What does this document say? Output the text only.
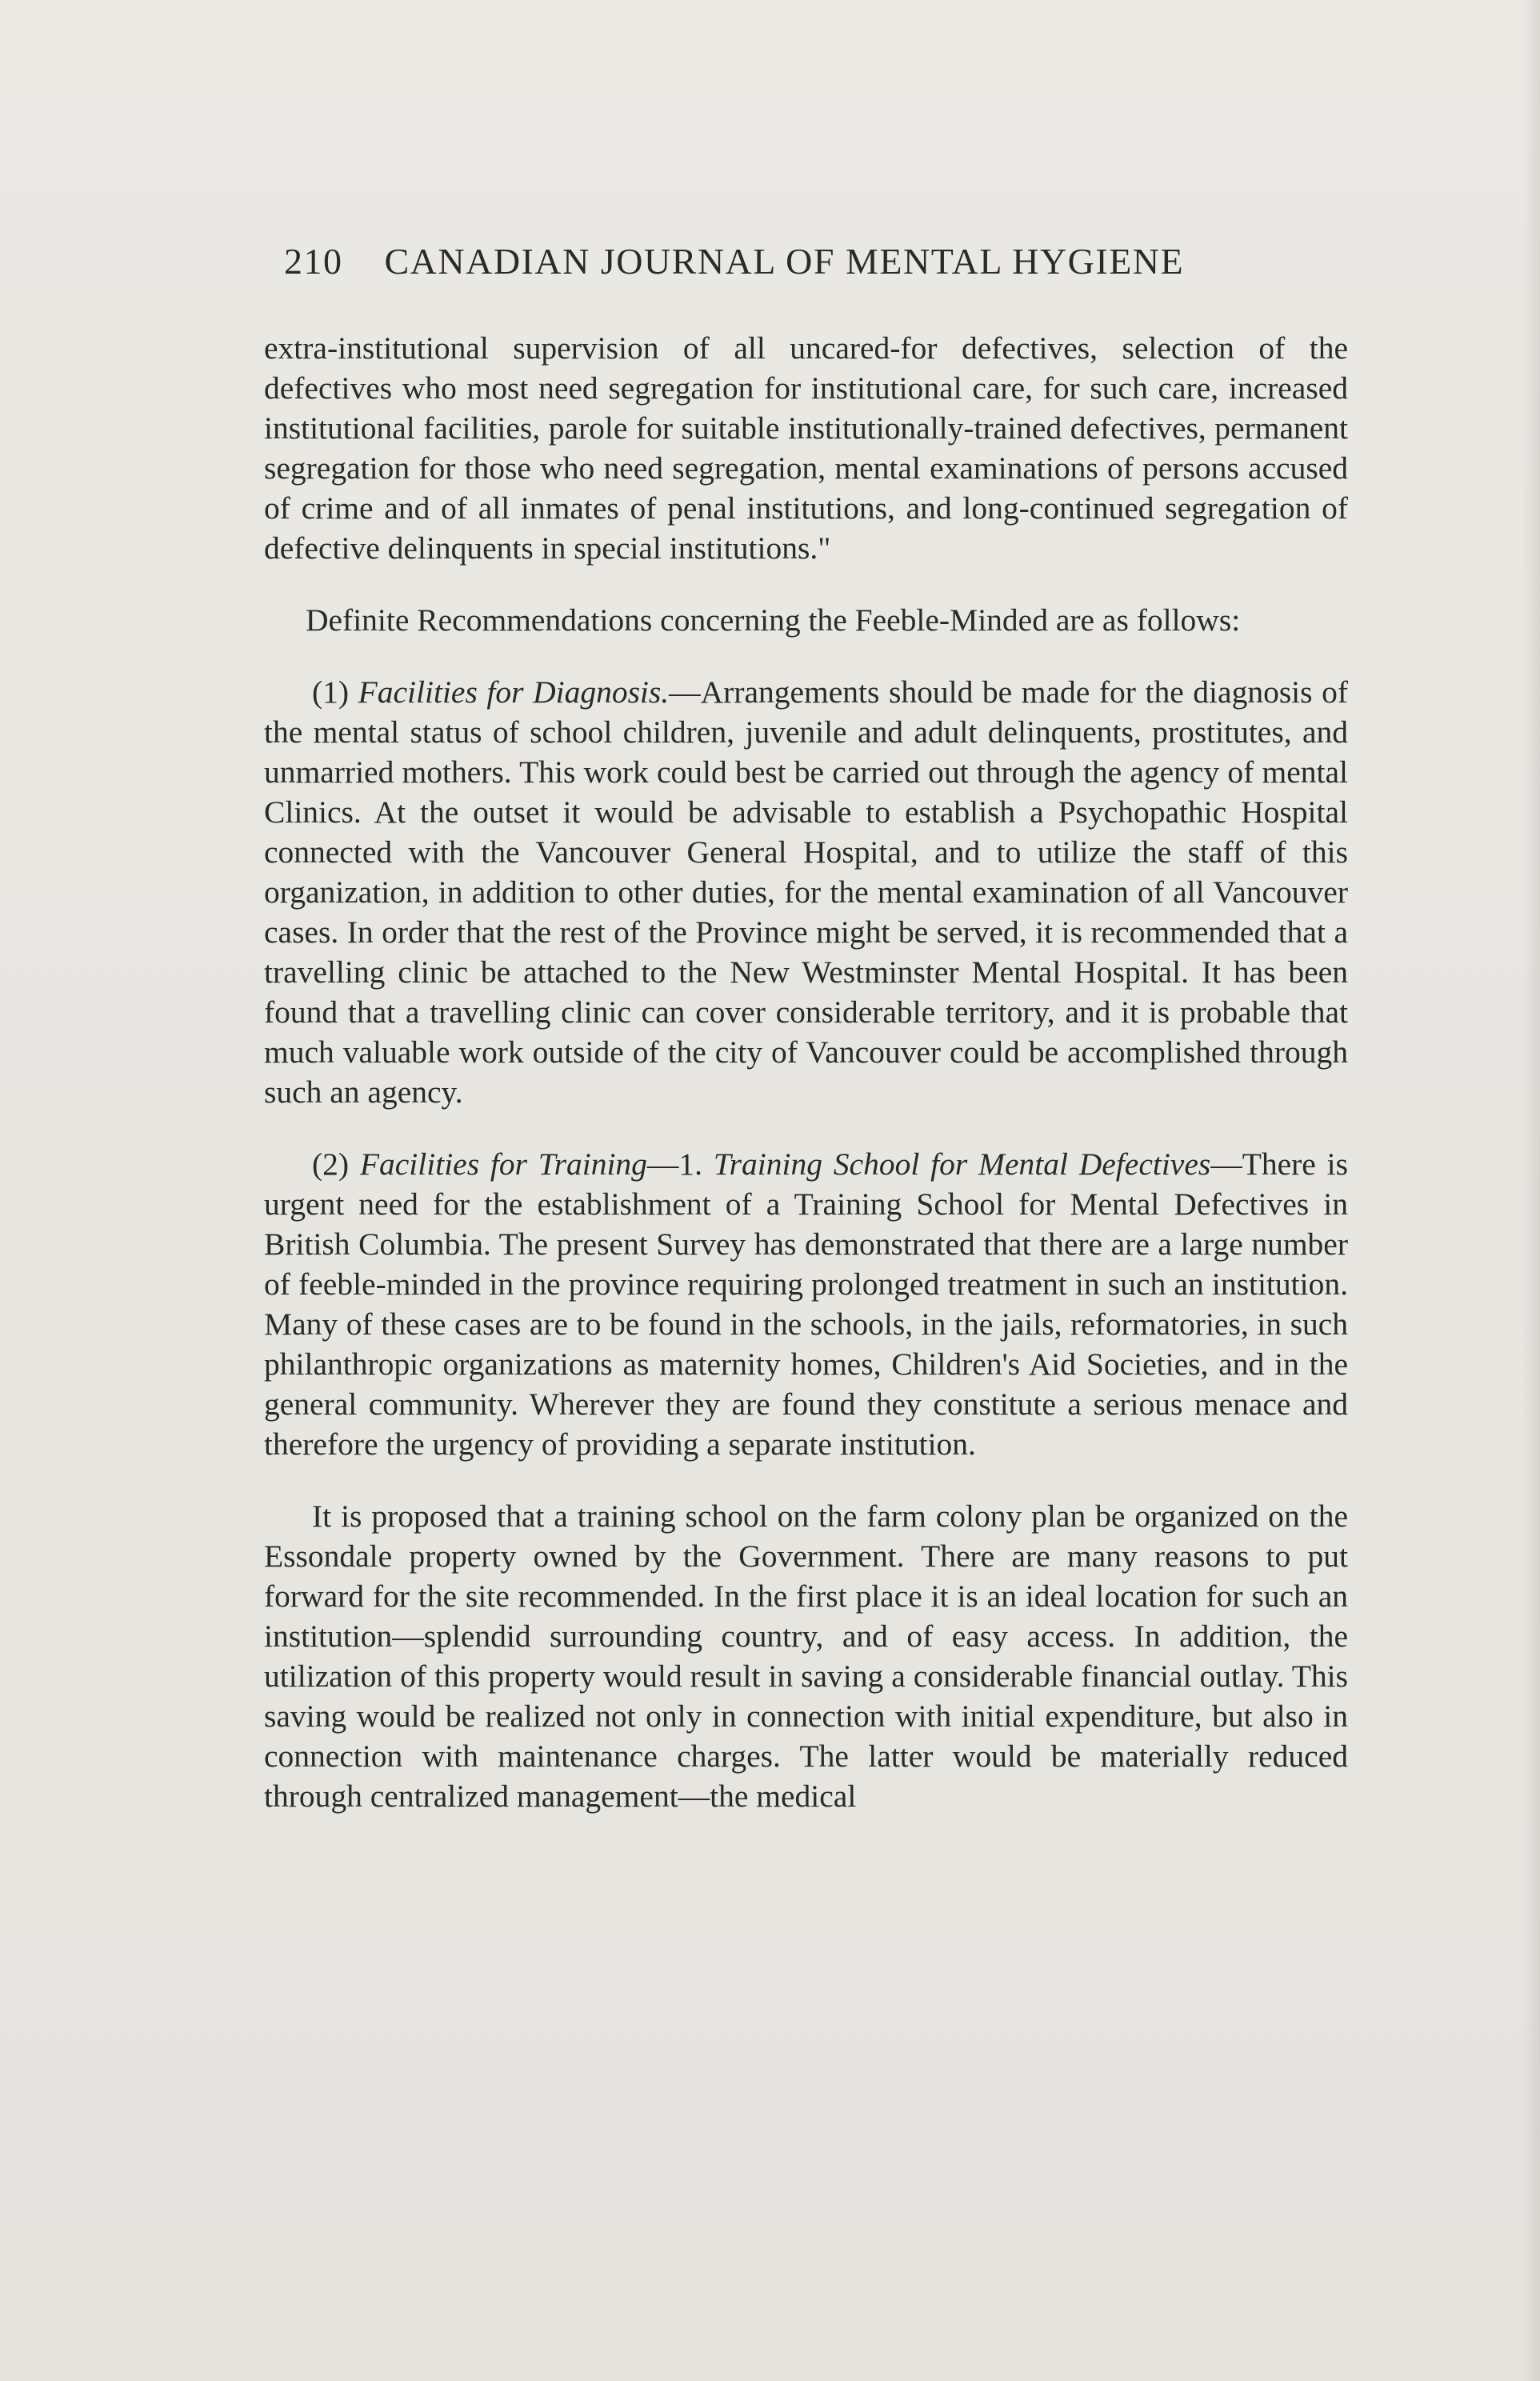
210 CANADIAN JOURNAL OF MENTAL HYGIENE

extra-institutional supervision of all uncared-for defectives, selection of the defectives who most need segregation for institutional care, for such care, increased institutional facilities, parole for suitable institutionally-trained defectives, permanent segregation for those who need segregation, mental examinations of persons accused of crime and of all inmates of penal institutions, and long-continued segregation of defective delinquents in special institutions."

Definite Recommendations concerning the Feeble-Minded are as follows:

(1) Facilities for Diagnosis.—Arrangements should be made for the diagnosis of the mental status of school children, juvenile and adult delinquents, prostitutes, and unmarried mothers. This work could best be carried out through the agency of mental Clinics. At the outset it would be advisable to establish a Psychopathic Hospital connected with the Vancouver General Hospital, and to utilize the staff of this organization, in addition to other duties, for the mental examination of all Vancouver cases. In order that the rest of the Province might be served, it is recommended that a travelling clinic be attached to the New Westminster Mental Hospital. It has been found that a travelling clinic can cover considerable territory, and it is probable that much valuable work outside of the city of Vancouver could be accomplished through such an agency.

(2) Facilities for Training—1. Training School for Mental Defectives—There is urgent need for the establishment of a Training School for Mental Defectives in British Columbia. The present Survey has demonstrated that there are a large number of feeble-minded in the province requiring prolonged treatment in such an institution. Many of these cases are to be found in the schools, in the jails, reformatories, in such philanthropic organizations as maternity homes, Children's Aid Societies, and in the general community. Wherever they are found they constitute a serious menace and therefore the urgency of providing a separate institution.

It is proposed that a training school on the farm colony plan be organized on the Essondale property owned by the Government. There are many reasons to put forward for the site recommended. In the first place it is an ideal location for such an institution—splendid surrounding country, and of easy access. In addition, the utilization of this property would result in saving a considerable financial outlay. This saving would be realized not only in connection with initial expenditure, but also in connection with maintenance charges. The latter would be materially reduced through centralized management—the medical
